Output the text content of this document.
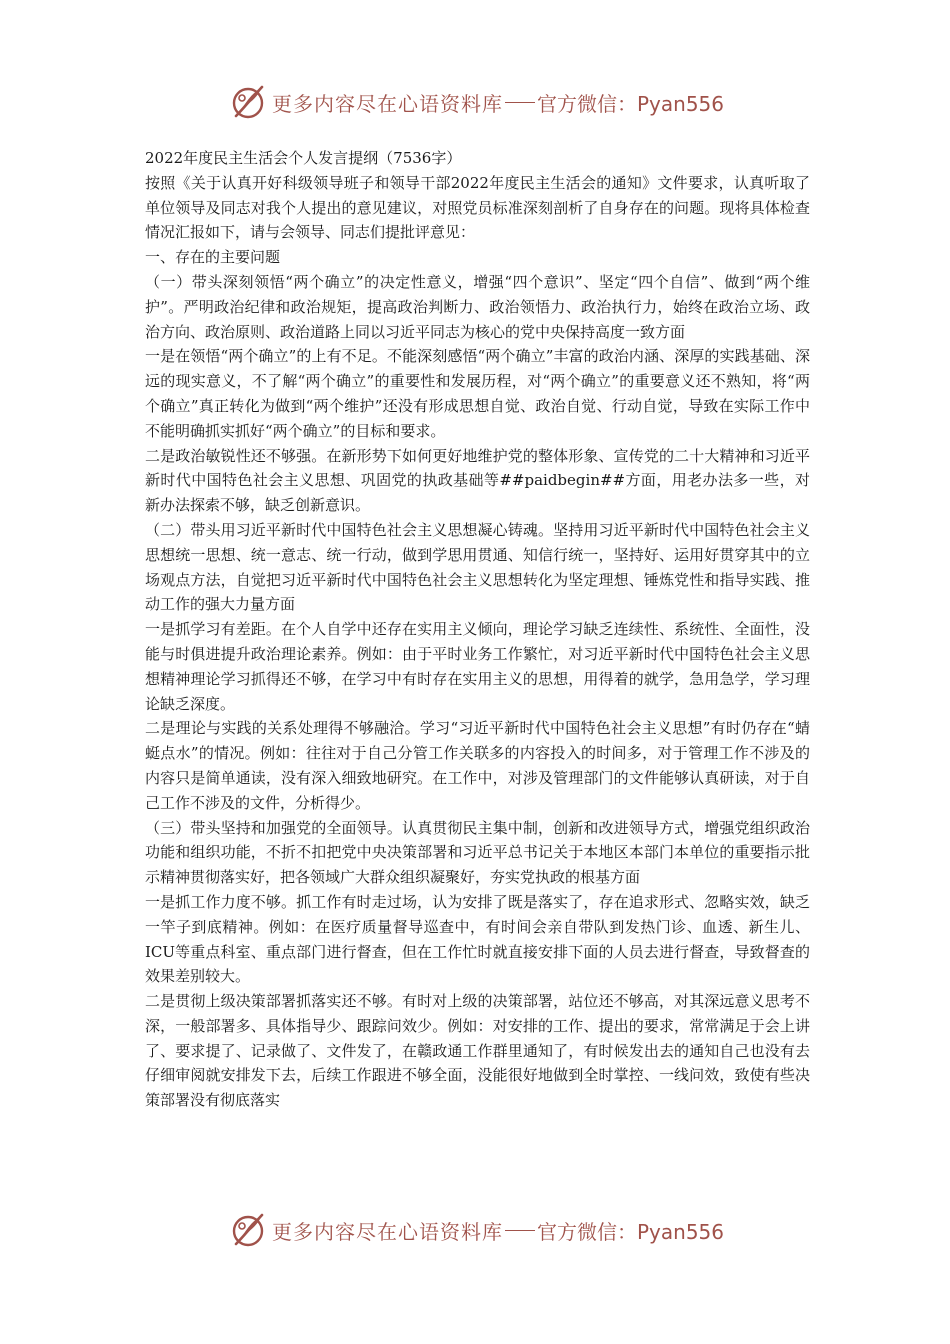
更多内容尽在心语资料库 官方微信：Pyan556

2022年度民主生活会个人发言提纲（7536字）

按照《关于认真开好科级领导班子和领导干部2022年度民主生活会的通知》文件要求，认真听取了单位领导及同志对我个人提出的意见建议，对照党员标准深刻剖析了自身存在的问题。现将具体检查情况汇报如下，请与会领导、同志们提批评意见：

一、存在的主要问题

（一）带头深刻领悟“两个确立”的决定性意义，增强“四个意识”、坚定“四个自信”、做到“两个维护”。严明政治纪律和政治规矩，提高政治判断力、政治领悟力、政治执行力，始终在政治立场、政治方向、政治原则、政治道路上同以习近平同志为核心的党中央保持高度一致方面

一是在领悟“两个确立”的上有不足。不能深刻感悟“两个确立”丰富的政治内涵、深厚的实践基础、深远的现实意义，不了解“两个确立”的重要性和发展历程，对“两个确立”的重要意义还不熟知，将“两个确立”真正转化为做到“两个维护”还没有形成思想自觉、政治自觉、行动自觉，导致在实际工作中不能明确抓实抓好“两个确立”的目标和要求。

二是政治敏锐性还不够强。在新形势下如何更好地维护党的整体形象、宣传党的二十大精神和习近平新时代中国特色社会主义思想、巩固党的执政基础等##paidbegin##方面，用老办法多一些，对新办法探索不够，缺乏创新意识。

（二）带头用习近平新时代中国特色社会主义思想凝心铸魂。坚持用习近平新时代中国特色社会主义思想统一思想、统一意志、统一行动，做到学思用贯通、知信行统一，坚持好、运用好贯穿其中的立场观点方法，自觉把习近平新时代中国特色社会主义思想转化为坚定理想、锤炼党性和指导实践、推动工作的强大力量方面

一是抓学习有差距。在个人自学中还存在实用主义倾向，理论学习缺乏连续性、系统性、全面性，没能与时俱进提升政治理论素养。例如：由于平时业务工作繁忙，对习近平新时代中国特色社会主义思想精神理论学习抓得还不够，在学习中有时存在实用主义的思想，用得着的就学，急用急学，学习理论缺乏深度。

二是理论与实践的关系处理得不够融洽。学习“习近平新时代中国特色社会主义思想”有时仍存在“蜻蜓点水”的情况。例如：往往对于自己分管工作关联多的内容投入的时间多，对于管理工作不涉及的内容只是简单通读，没有深入细致地研究。在工作中，对涉及管理部门的文件能够认真研读，对于自己工作不涉及的文件，分析得少。

（三）带头坚持和加强党的全面领导。认真贯彻民主集中制，创新和改进领导方式，增强党组织政治功能和组织功能，不折不扣把党中央决策部署和习近平总书记关于本地区本部门本单位的重要指示批示精神贯彻落实好，把各领域广大群众组织凝聚好，夯实党执政的根基方面

一是抓工作力度不够。抓工作有时走过场，认为安排了既是落实了，存在追求形式、忽略实效，缺乏一竿子到底精神。例如：在医疗质量督导巡查中，有时间会亲自带队到发热门诊、血透、新生儿、ICU等重点科室、重点部门进行督查，但在工作忙时就直接安排下面的人员去进行督查，导致督查的效果差别较大。

二是贯彻上级决策部署抓落实还不够。有时对上级的决策部署，站位还不够高，对其深远意义思考不深，一般部署多、具体指导少、跟踪问效少。例如：对安排的工作、提出的要求，常常满足于会上讲了、要求提了、记录做了、文件发了，在赣政通工作群里通知了，有时候发出去的通知自己也没有去仔细审阅就安排发下去，后续工作跟进不够全面，没能很好地做到全时掌控、一线问效，致使有些决策部署没有彻底落实

更多内容尽在心语资料库 官方微信：Pyan556
